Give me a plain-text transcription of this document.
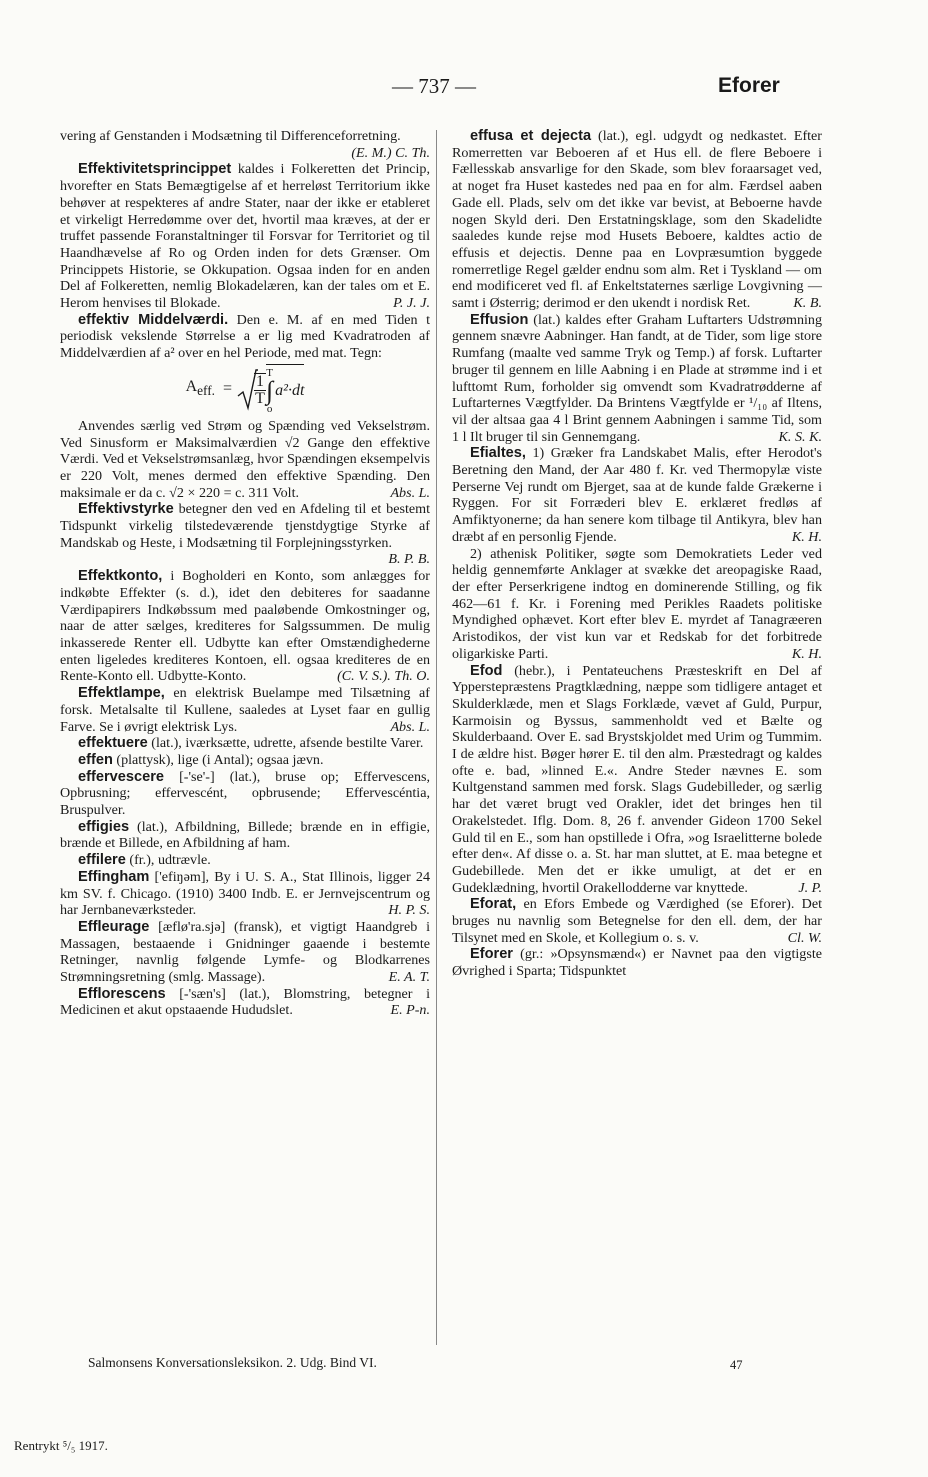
— 737 —	Eforer
vering af Genstanden i Modsætning til Differenceforretning.
(E. M.) C. Th.
Effektivitetsprincippet kaldes i Folkeretten det Princip, hvorefter en Stats Bemægtigelse af et herreløst Territorium ikke behøver at respekteres af andre Stater, naar der ikke er etableret et virkeligt Herredømme over det, hvortil maa kræves, at der er truffet passende Foranstaltninger til Forsvar for Territoriet og til Haandhævelse af Ro og Orden inden for dets Grænser. Om Princippets Historie, se Okkupation. Ogsaa inden for en anden Del af Folkeretten, nemlig Blokadelæren, kan der tales om et E. Herom henvises til Blokade.	P. J. J.
effektiv Middelværdi. Den e. M. af en med Tiden t periodisk vekslende Størrelse a er lig med Kvadratroden af Middelværdien af a² over en hel Periode, med mat. Tegn:
$A_{eff.} = 1$
T
T
∫
o
a²·dt
Anvendes særlig ved Strøm og Spænding ved Vekselstrøm. Ved Sinusform er Maksimalværdien √2 Gange den effektive Værdi. Ved et Vekselstrømsanlæg, hvor Spændingen eksempelvis er 220 Volt, menes dermed den effektive Spænding. Den maksimale er da c. √2 × 220 = c. 311 Volt.	Abs. L.
Effektivstyrke betegner den ved en Afdeling til et bestemt Tidspunkt virkelig tilstedeværende tjenstdygtige Styrke af Mandskab og Heste, i Modsætning til Forplejningsstyrken.
B. P. B.
Effektkonto, i Bogholderi en Konto, som anlægges for indkøbte Effekter (s. d.), idet den debiteres for saadanne Værdipapirers Indkøbssum med paaløbende Omkostninger og, naar de atter sælges, krediteres for Salgssummen. De mulig inkasserede Renter ell. Udbytte kan efter Omstændighederne enten ligeledes krediteres Kontoen, ell. ogsaa krediteres de en Rente-Konto ell. Udbytte-Konto.	(C. V. S.). Th. O.
Effektlampe, en elektrisk Buelampe med Tilsætning af forsk. Metalsalte til Kullene, saaledes at Lyset faar en gullig Farve. Se i øvrigt elektrisk Lys.	Abs. L.
effektuere (lat.), iværksætte, udrette, afsende bestilte Varer.
effen (plattysk), lige (i Antal); ogsaa jævn.
effervescere [-'se'-] (lat.), bruse op; Effervescens, Opbrusning; effervescént, opbrusende; Effervescéntia, Bruspulver.
effigies (lat.), Afbildning, Billede; brænde en in effigie, brænde et Billede, en Afbildning af ham.
effilere (fr.), udtrævle.
Effingham ['efiŋəm], By i U. S. A., Stat Illinois, ligger 24 km SV. f. Chicago. (1910) 3400 Indb. E. er Jernvejscentrum og har Jernbaneværksteder.	H. P. S.
Effleurage [æflø'ra.sjə] (fransk), et vigtigt Haandgreb i Massagen, bestaaende i Gnidninger gaaende i bestemte Retninger, navnlig følgende Lymfe- og Blodkarrenes Strømningsretning (smlg. Massage).	E. A. T.
Efflorescens [-'sæn's] (lat.), Blomstring, betegner i Medicinen et akut opstaaende Hududslet.	E. P-n.
effusa et dejecta (lat.), egl. udgydt og nedkastet. Efter Romerretten var Beboeren af et Hus ell. de flere Beboere i Fællesskab ansvarlige for den Skade, som blev foraarsaget ved, at noget fra Huset kastedes ned paa en for alm. Færdsel aaben Gade ell. Plads, selv om det ikke var bevist, at Beboerne havde nogen Skyld deri. Den Erstatningsklage, som den Skadelidte saaledes kunde rejse mod Husets Beboere, kaldtes actio de effusis et dejectis. Denne paa en Lovpræsumtion byggede romerretlige Regel gælder endnu som alm. Ret i Tyskland — om end modificeret ved fl. af Enkeltstaternes særlige Lovgivning — samt i Østerrig; derimod er den ukendt i nordisk Ret.	K. B.
Effusion (lat.) kaldes efter Graham Luftarters Udstrømning gennem snævre Aabninger. Han fandt, at de Tider, som lige store Rumfang (maalte ved samme Tryk og Temp.) af forsk. Luftarter bruger til gennem en lille Aabning i en Plade at strømme ind i et lufttomt Rum, forholder sig omvendt som Kvadratrødderne af Luftarternes Vægtfylder. Da Brintens Vægtfylde er ¹/₁₀ af Iltens, vil der altsaa gaa 4 l Brint gennem Aabningen i samme Tid, som 1 l Ilt bruger til sin Gennemgang.	K. S. K.
Efialtes, 1) Græker fra Landskabet Malis, efter Herodot's Beretning den Mand, der Aar 480 f. Kr. ved Thermopylæ viste Perserne Vej rundt om Bjerget, saa at de kunde falde Grækerne i Ryggen. For sit Forræderi blev E. erklæret fredløs af Amfiktyonerne; da han senere kom tilbage til Antikyra, blev han dræbt af en personlig Fjende.	K. H.
2) athenisk Politiker, søgte som Demokratiets Leder ved heldig gennemførte Anklager at svække det areopagiske Raad, der efter Perserkrigene indtog en dominerende Stilling, og fik 462—61 f. Kr. i Forening med Perikles Raadets politiske Myndighed ophævet. Kort efter blev E. myrdet af Tanagræeren Aristodikos, der vist kun var et Redskab for det forbitrede oligarkiske Parti.	K. H.
Efod (hebr.), i Pentateuchens Præsteskrift en Del af Ypperstepræstens Pragtklædning, næppe som tidligere antaget et Skulderklæde, men et Slags Forklæde, vævet af Guld, Purpur, Karmoisin og Byssus, sammenholdt ved et Bælte og Skulderbaand. Over E. sad Brystskjoldet med Urim og Tummim. I de ældre hist. Bøger hører E. til den alm. Præstedragt og kaldes ofte e. bad, »linned E.«. Andre Steder nævnes E. som Kultgenstand sammen med forsk. Slags Gudebilleder, og særlig har det været brugt ved Orakler, idet det bringes hen til Orakelstedet. Iflg. Dom. 8, 26 f. anvender Gideon 1700 Sekel Guld til en E., som han opstillede i Ofra, »og Israelitterne bolede efter den«. Af disse o. a. St. har man sluttet, at E. maa betegne et Gudebillede. Men det er ikke umuligt, at det er en Gudeklædning, hvortil Orakellodderne var knyttede.	J. P.
Eforat, en Efors Embede og Værdighed (se Eforer). Det bruges nu navnlig som Betegnelse for den ell. dem, der har Tilsynet med en Skole, et Kollegium o. s. v.	Cl. W.
Eforer (gr.: »Opsynsmænd«) er Navnet paa den vigtigste Øvrighed i Sparta; Tidspunktet
Salmonsens Konversationsleksikon. 2. Udg. Bind VI.	47
Rentrykt ⁵/₅ 1917.
